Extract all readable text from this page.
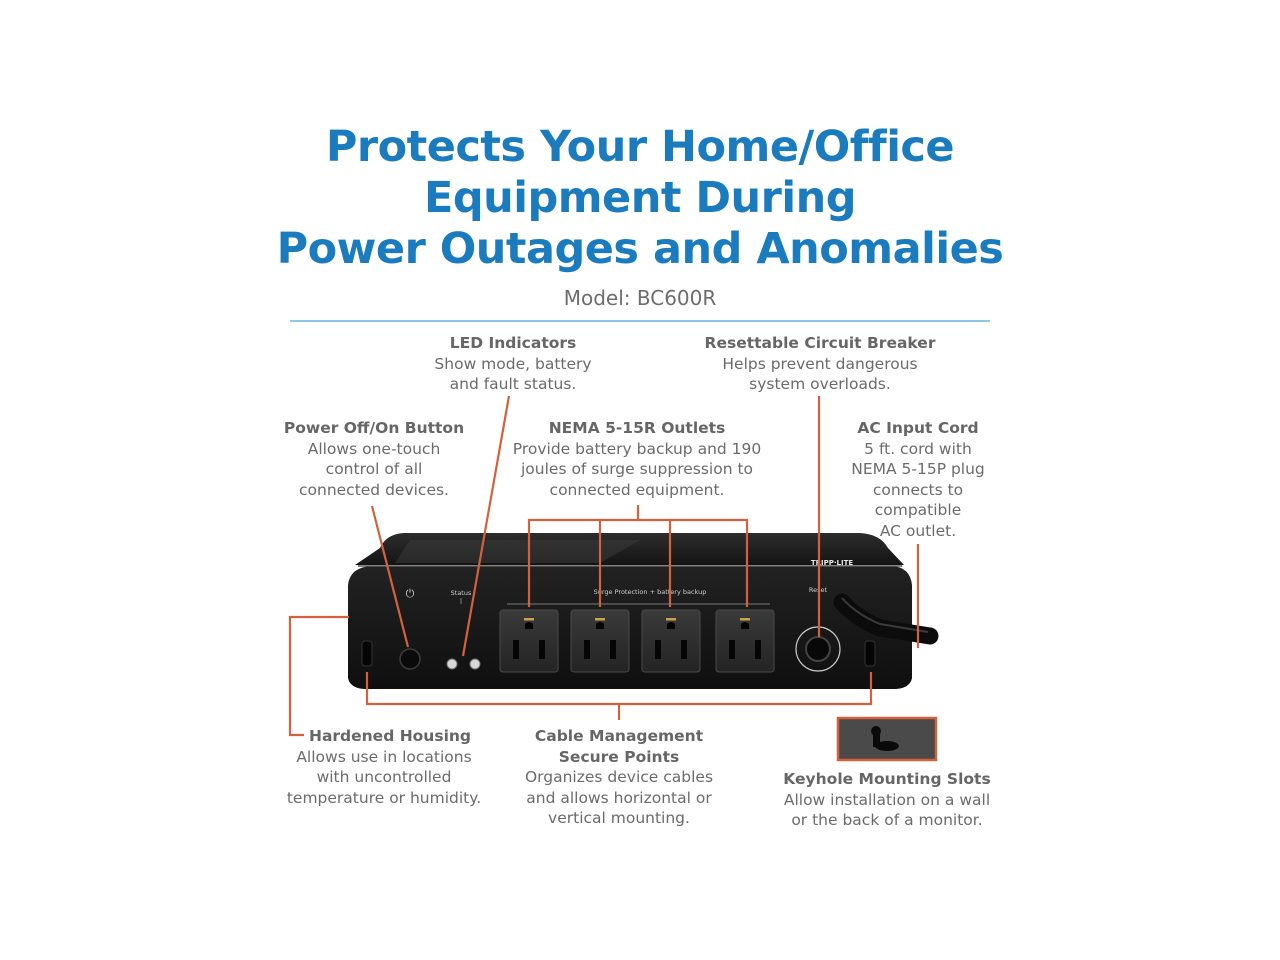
Protects Your Home/Office
Equipment During
Power Outages and Anomalies
Model: BC600R
⏻	Status	Surge Protection + battery backup	Reset
TRIPP·LITE
LED Indicators
Show mode, battery
and fault status.
Resettable Circuit Breaker
Helps prevent dangerous
system overloads.
Power Off/On Button
Allows one-touch
control of all
connected devices.
NEMA 5-15R Outlets
Provide battery backup and 190
joules of surge suppression to
connected equipment.
AC Input Cord
5 ft. cord with
NEMA 5-15P plug
connects to
compatible
AC outlet.
Hardened Housing
Allows use in locations
with uncontrolled
temperature or humidity.
Cable Management
Secure Points
Organizes device cables
and allows horizontal or
vertical mounting.
Keyhole Mounting Slots
Allow installation on a wall
or the back of a monitor.
